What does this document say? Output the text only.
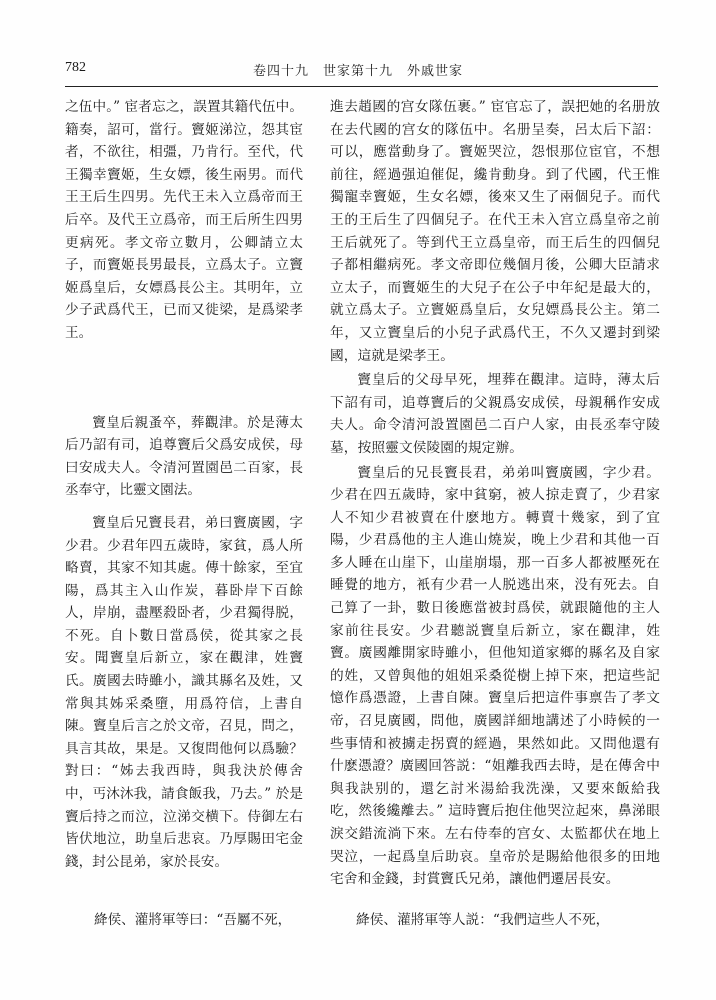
782	卷四十九　世家第十九　外戚世家

之伍中。” 宦者忘之，誤置其籍代伍中。籍奏，詔可，當行。竇姬涕泣，怨其宦者，不欲往，相彊，乃肯行。至代，代王獨幸竇姬，生女嫖，後生兩男。而代王王后生四男。先代王未入立爲帝而王后卒。及代王立爲帝，而王后所生四男更病死。孝文帝立數月，公卿請立太子，而竇姬長男最長，立爲太子。立竇姬爲皇后，女嫖爲長公主。其明年，立少子武爲代王，已而又徙梁，是爲梁孝王。

竇皇后親蚤卒，葬觀津。於是薄太后乃詔有司，追尊竇后父爲安成侯，母曰安成夫人。令清河置園邑二百家，長丞奉守，比靈文園法。

竇皇后兄竇長君，弟曰竇廣國，字少君。少君年四五歲時，家貧，爲人所略賣，其家不知其處。傳十餘家，至宜陽，爲其主入山作炭，暮卧岸下百餘人，岸崩，盡壓殺卧者，少君獨得脱，不死。自卜數日當爲侯，從其家之長安。聞竇皇后新立，家在觀津，姓竇氏。廣國去時雖小，識其縣名及姓，又常與其姊采桑墮，用爲符信，上書自陳。竇皇后言之於文帝，召見，問之，具言其故，果是。又復問他何以爲驗？對曰：“姊去我西時，與我決於傳舍中，丐沐沐我，請食飯我，乃去。” 於是竇后持之而泣，泣涕交横下。侍御左右皆伏地泣，助皇后悲哀。乃厚賜田宅金錢，封公昆弟，家於長安。

絳侯、灌將軍等曰：“吾屬不死，

進去趙國的宫女隊伍裹。” 宦官忘了，誤把她的名册放在去代國的宫女的隊伍中。名册呈奏，呂太后下詔：可以，應當動身了。竇姬哭泣，怨恨那位宦官，不想前往，經過强迫催促，纔肯動身。到了代國，代王惟獨寵幸竇姬，生女名嫖，後來又生了兩個兒子。而代王的王后生了四個兒子。在代王未入宫立爲皇帝之前王后就死了。等到代王立爲皇帝，而王后生的四個兒子都相繼病死。孝文帝即位幾個月後，公卿大臣請求立太子，而竇姬生的大兒子在公子中年紀是最大的，就立爲太子。立竇姬爲皇后，女兒嫖爲長公主。第二年，又立竇皇后的小兒子武爲代王，不久又遷封到梁國，這就是梁孝王。

竇皇后的父母早死，埋葬在觀津。這時，薄太后下詔有司，追尊竇后的父親爲安成侯，母親稱作安成夫人。命令清河設置園邑二百户人家，由長丞奉守陵墓，按照靈文侯陵園的規定辦。

竇皇后的兄長竇長君，弟弟叫竇廣國，字少君。少君在四五歲時，家中貧窮，被人掠走賣了，少君家人不知少君被賣在什麽地方。轉賣十幾家，到了宜陽，少君爲他的主人進山燒炭，晚上少君和其他一百多人睡在山崖下，山崖崩塌，那一百多人都被壓死在睡覺的地方，衹有少君一人脱逃出來，没有死去。自己算了一卦，數日後應當被封爲侯，就跟隨他的主人家前往長安。少君聽説竇皇后新立，家在觀津，姓竇。廣國離開家時雖小，但他知道家鄉的縣名及自家的姓，又曾與他的姐姐采桑從樹上掉下來，把這些記憶作爲憑證，上書自陳。竇皇后把這件事禀告了孝文帝，召見廣國，問他，廣國詳細地講述了小時候的一些事情和被擄走拐賣的經過，果然如此。又問他還有什麽憑證？廣國回答説：“姐離我西去時，是在傳舍中與我訣别的，還乞討米湯給我洗澡，又要來飯給我吃，然後纔離去。” 這時竇后抱住他哭泣起來，鼻涕眼淚交錯流淌下來。左右侍奉的宫女、太監都伏在地上哭泣，一起爲皇后助哀。皇帝於是賜給他很多的田地宅舍和金錢，封賞竇氏兄弟，讓他們遷居長安。

絳侯、灌將軍等人説：“我們這些人不死，
